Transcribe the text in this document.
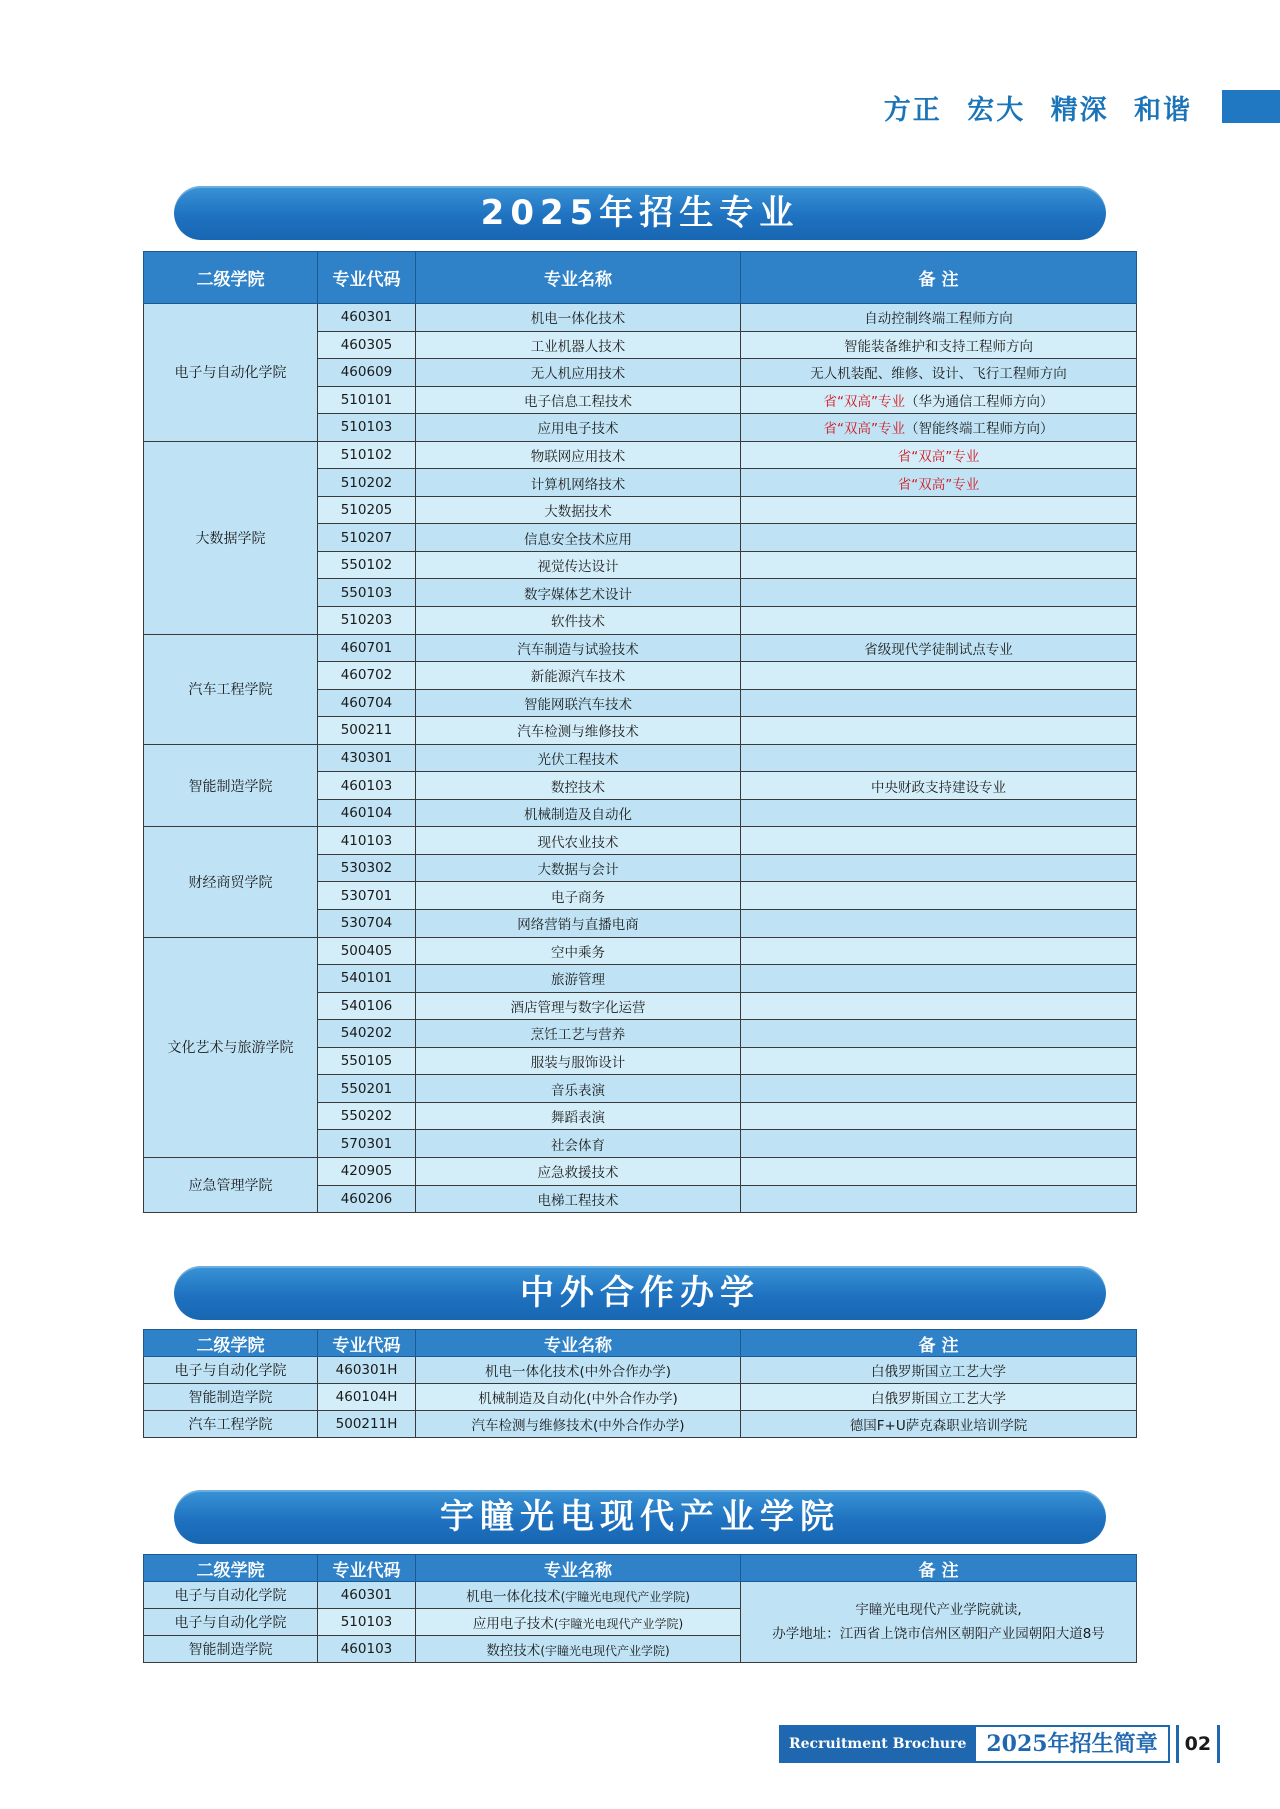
方正 宏大 精深 和谐
2025年招生专业
二级学院	专业代码	专业名称	备 注
电子与自动化学院	460301	机电一体化技术	自动控制终端工程师方向
	460305	工业机器人技术	智能装备维护和支持工程师方向
	460609	无人机应用技术	无人机装配、维修、设计、飞行工程师方向
	510101	电子信息工程技术	省“双高”专业（华为通信工程师方向）
	510103	应用电子技术	省“双高”专业（智能终端工程师方向）
大数据学院	510102	物联网应用技术	省“双高”专业
	510202	计算机网络技术	省“双高”专业
	510205	大数据技术	
	510207	信息安全技术应用	
	550102	视觉传达设计	
	550103	数字媒体艺术设计	
	510203	软件技术	
汽车工程学院	460701	汽车制造与试验技术	省级现代学徒制试点专业
	460702	新能源汽车技术	
	460704	智能网联汽车技术	
	500211	汽车检测与维修技术	
智能制造学院	430301	光伏工程技术	
	460103	数控技术	中央财政支持建设专业
	460104	机械制造及自动化	
财经商贸学院	410103	现代农业技术	
	530302	大数据与会计	
	530701	电子商务	
	530704	网络营销与直播电商	
文化艺术与旅游学院	500405	空中乘务	
	540101	旅游管理	
	540106	酒店管理与数字化运营	
	540202	烹饪工艺与营养	
	550105	服装与服饰设计	
	550201	音乐表演	
	550202	舞蹈表演	
	570301	社会体育	
应急管理学院	420905	应急救援技术	
	460206	电梯工程技术	
中外合作办学
二级学院	专业代码	专业名称	备 注
电子与自动化学院	460301H	机电一体化技术(中外合作办学)	白俄罗斯国立工艺大学
智能制造学院	460104H	机械制造及自动化(中外合作办学)	白俄罗斯国立工艺大学
汽车工程学院	500211H	汽车检测与维修技术(中外合作办学)	德国F+U萨克森职业培训学院
宇瞳光电现代产业学院
二级学院	专业代码	专业名称	备 注
电子与自动化学院	460301	机电一体化技术(宇瞳光电现代产业学院)	宇瞳光电现代产业学院就读,
办学地址：江西省上饶市信州区朝阳产业园朝阳大道8号

电子与自动化学院	510103	应用电子技术(宇瞳光电现代产业学院)	
智能制造学院	460103	数控技术(宇瞳光电现代产业学院)	
Recruitment Brochure 2025年招生简章	02
